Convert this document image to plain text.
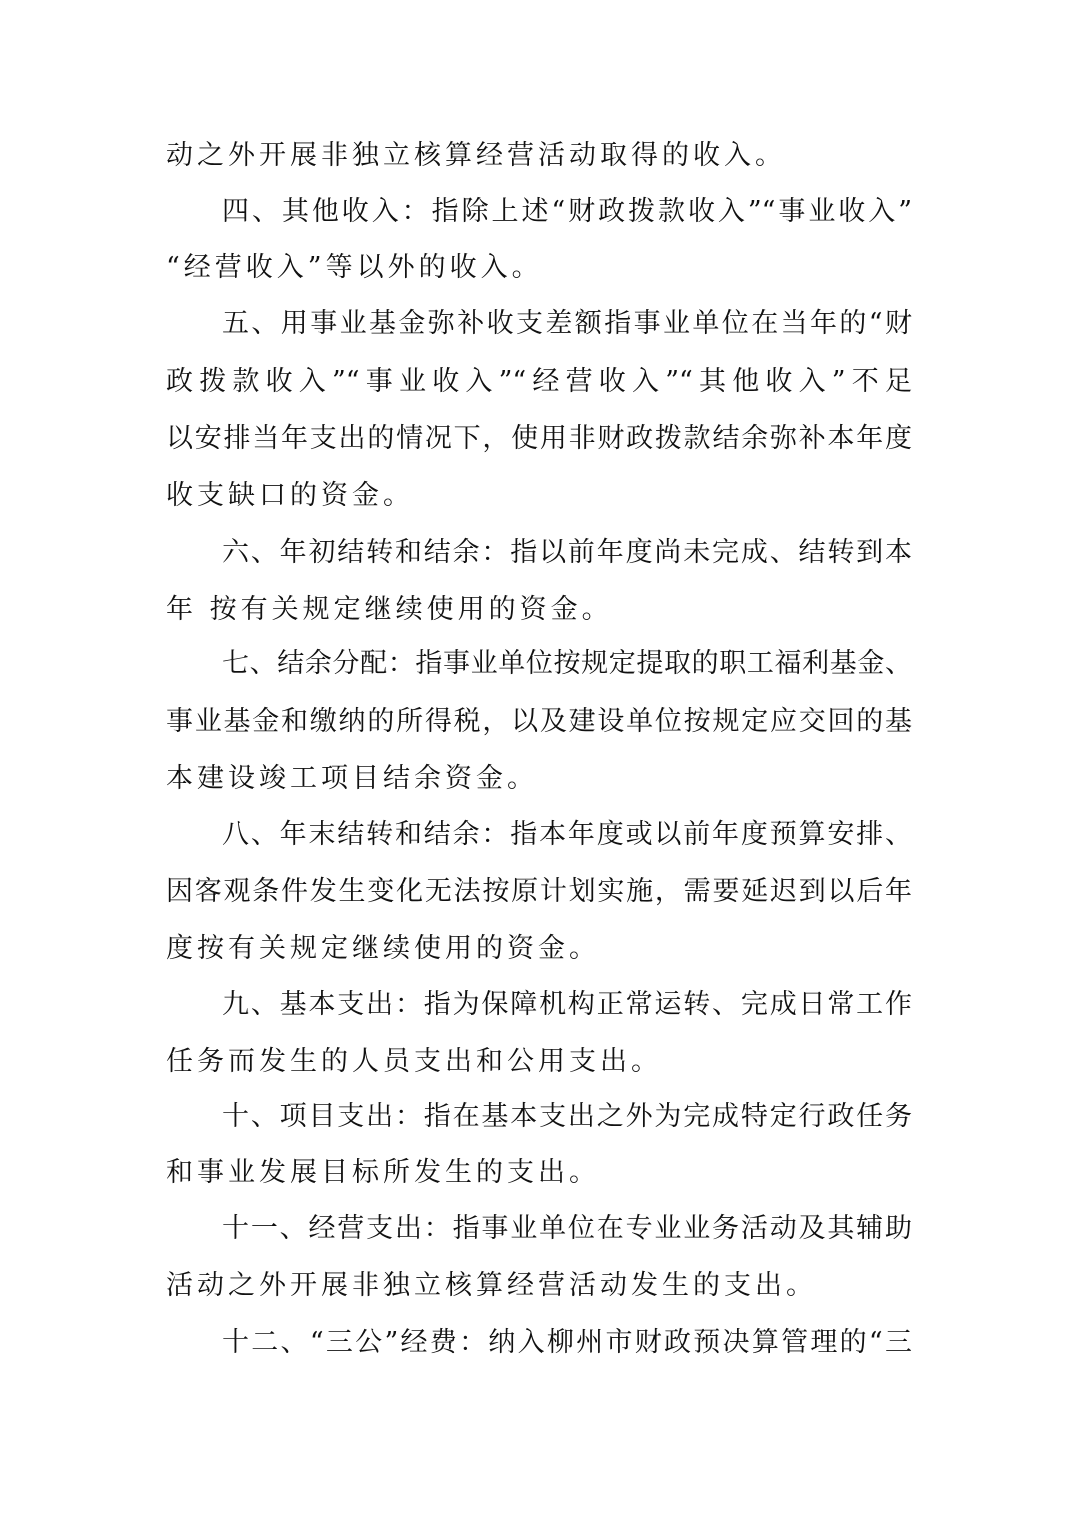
动之外开展非独立核算经营活动取得的收入。
四、其他收入：指除上述“财政拨款收入”“事业收入”
“经营收入”等以外的收入。
五、用事业基金弥补收支差额指事业单位在当年的“财
政拨款收入”“事业收入”“经营收入”“其他收入”不足
以安排当年支出的情况下，使用非财政拨款结余弥补本年度
收支缺口的资金。
六、年初结转和结余：指以前年度尚未完成、结转到本
年 按有关规定继续使用的资金。
七、结余分配：指事业单位按规定提取的职工福利基金、
事业基金和缴纳的所得税，以及建设单位按规定应交回的基
本建设竣工项目结余资金。
八、年末结转和结余：指本年度或以前年度预算安排、
因客观条件发生变化无法按原计划实施，需要延迟到以后年
度按有关规定继续使用的资金。
九、基本支出：指为保障机构正常运转、完成日常工作
任务而发生的人员支出和公用支出。
十、项目支出：指在基本支出之外为完成特定行政任务
和事业发展目标所发生的支出。
十一、经营支出：指事业单位在专业业务活动及其辅助
活动之外开展非独立核算经营活动发生的支出。
十二、“三公”经费：纳入柳州市财政预决算管理的“三
